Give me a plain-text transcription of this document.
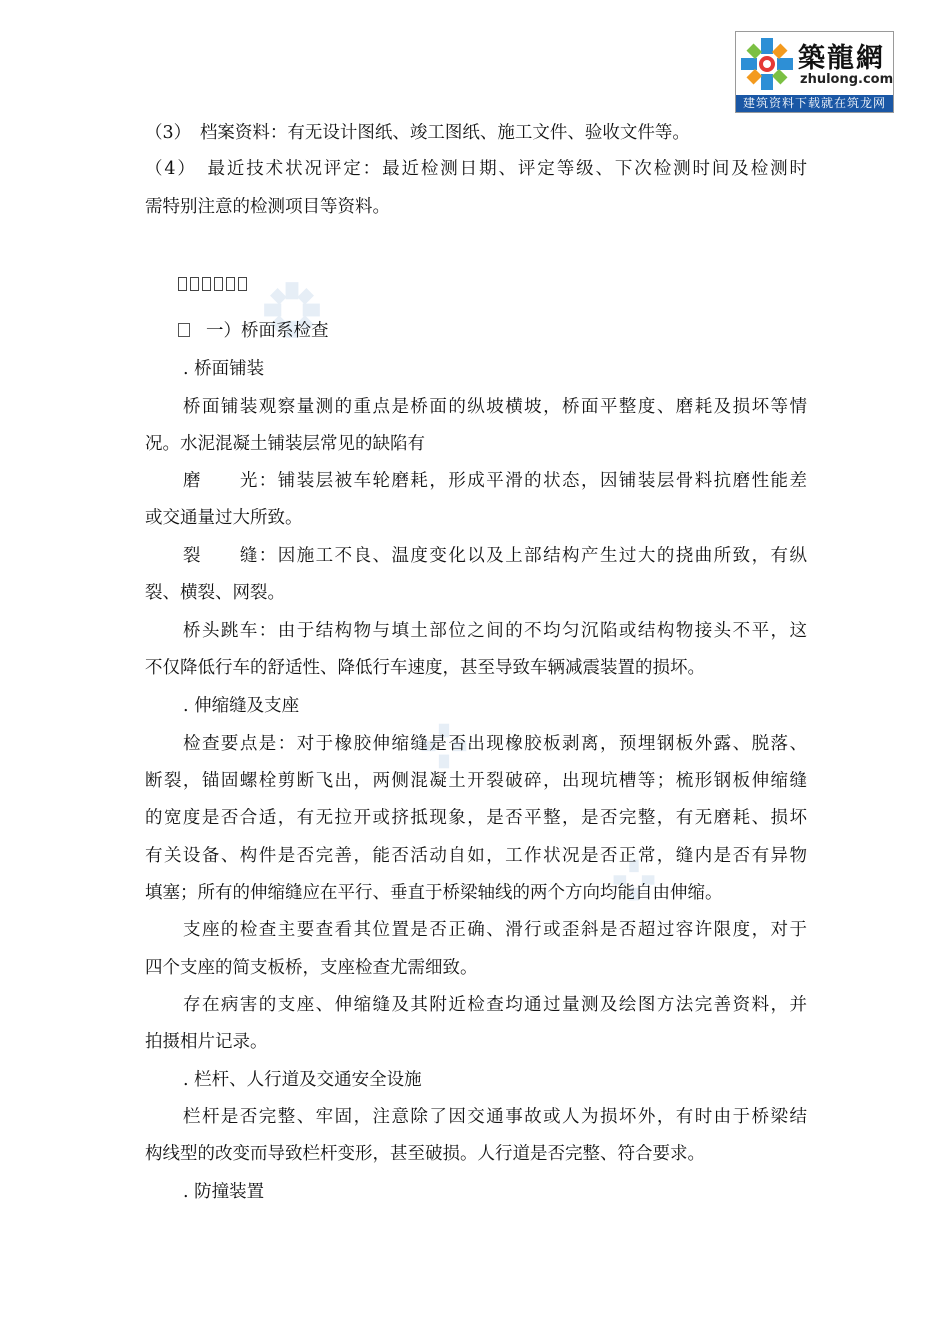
築龍網
zhulong.com
建筑资料下载就在筑龙网
（3）　档案资料：有无设计图纸、竣工图纸、施工文件、验收文件等。
（4）　最近技术状况评定：最近检测日期、评定等级、下次检测时间及检测时
需特别注意的检测项目等资料。
一）桥面系检查
. 桥面铺装
桥面铺装观察量测的重点是桥面的纵坡横坡，桥面平整度、磨耗及损坏等情
况。水泥混凝土铺装层常见的缺陷有
磨　　光：铺装层被车轮磨耗，形成平滑的状态，因铺装层骨料抗磨性能差
或交通量过大所致。
裂　　缝：因施工不良、温度变化以及上部结构产生过大的挠曲所致，有纵
裂、横裂、网裂。
桥头跳车：由于结构物与填土部位之间的不均匀沉陷或结构物接头不平，这
不仅降低行车的舒适性、降低行车速度，甚至导致车辆减震装置的损坏。
. 伸缩缝及支座
检查要点是：对于橡胶伸缩缝是否出现橡胶板剥离，预埋钢板外露、脱落、
断裂，锚固螺栓剪断飞出，两侧混凝土开裂破碎，出现坑槽等；梳形钢板伸缩缝
的宽度是否合适，有无拉开或挤抵现象，是否平整，是否完整，有无磨耗、损坏
有关设备、构件是否完善，能否活动自如，工作状况是否正常，缝内是否有异物
填塞；所有的伸缩缝应在平行、垂直于桥梁轴线的两个方向均能自由伸缩。
支座的检查主要查看其位置是否正确、滑行或歪斜是否超过容许限度，对于
四个支座的简支板桥，支座检查尤需细致。
存在病害的支座、伸缩缝及其附近检查均通过量测及绘图方法完善资料，并
拍摄相片记录。
. 栏杆、人行道及交通安全设施
栏杆是否完整、牢固，注意除了因交通事故或人为损坏外，有时由于桥梁结
构线型的改变而导致栏杆变形，甚至破损。人行道是否完整、符合要求。
. 防撞装置
